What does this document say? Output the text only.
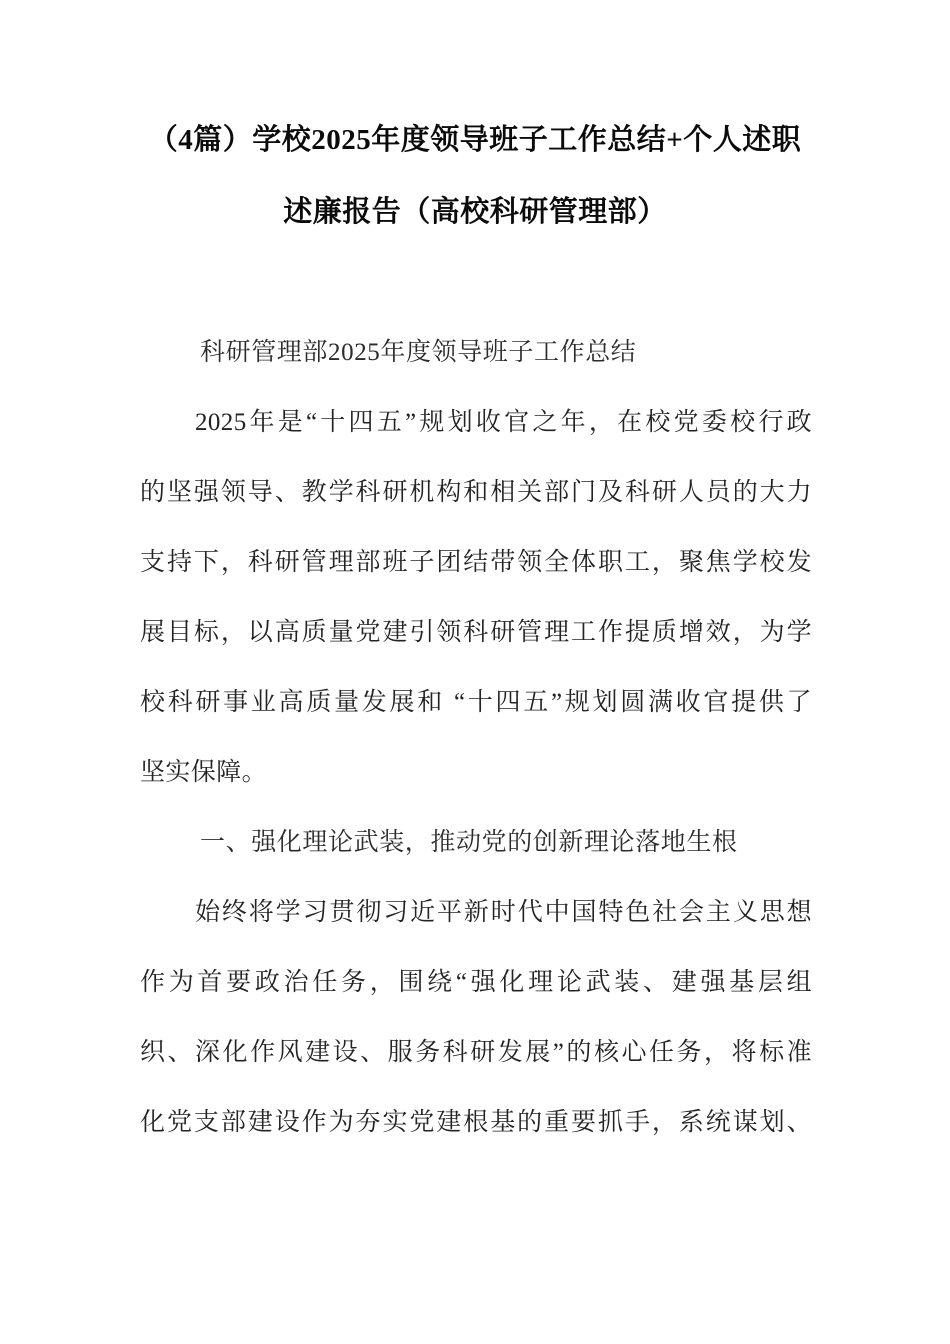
（4篇）学校2025年度领导班子工作总结+个人述职
述廉报告（高校科研管理部）
科研管理部2025年度领导班子工作总结
2025年是“十四五”规划收官之年，在校党委校行政
的坚强领导、教学科研机构和相关部门及科研人员的大力
支持下，科研管理部班子团结带领全体职工，聚焦学校发
展目标，以高质量党建引领科研管理工作提质增效，为学
校科研事业高质量发展和 “十四五”规划圆满收官提供了
坚实保障。
一、强化理论武装，推动党的创新理论落地生根
始终将学习贯彻习近平新时代中国特色社会主义思想
作为首要政治任务，围绕“强化理论武装、建强基层组
织、深化作风建设、服务科研发展”的核心任务，将标准
化党支部建设作为夯实党建根基的重要抓手，系统谋划、
